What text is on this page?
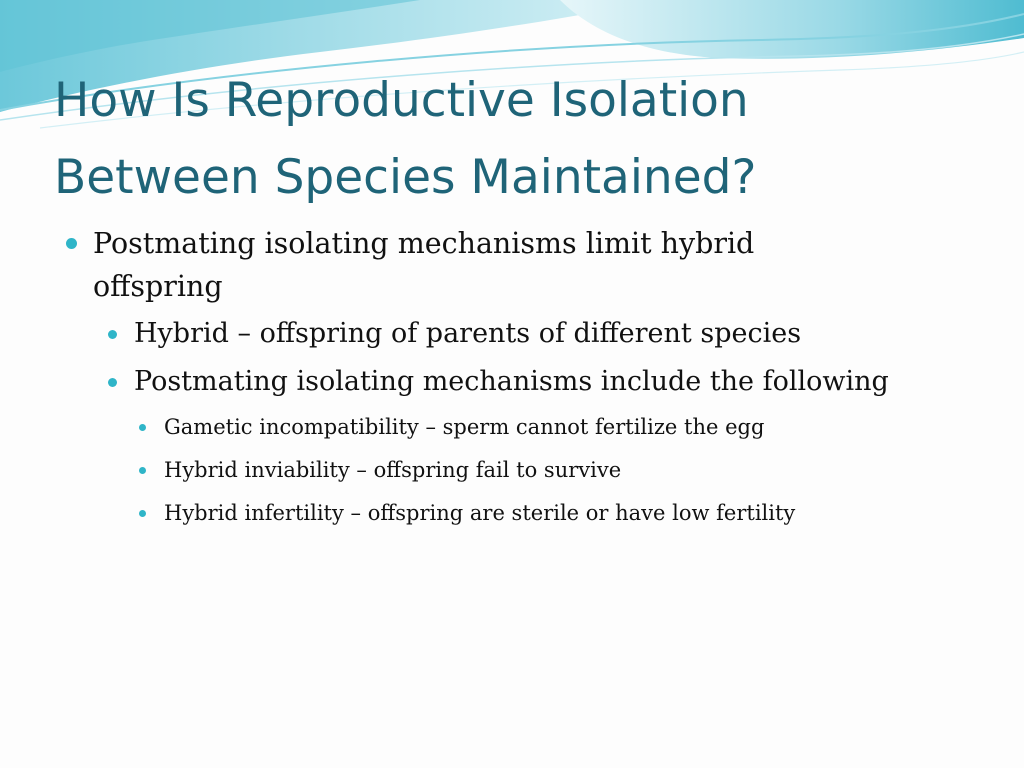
How Is Reproductive Isolation
Between Species Maintained?
Postmating isolating mechanisms limit hybrid offspring
Hybrid – offspring of parents of different species
Postmating isolating mechanisms include the following
Gametic incompatibility – sperm cannot fertilize the egg
Hybrid inviability – offspring fail to survive
Hybrid infertility – offspring are sterile or have low fertility
